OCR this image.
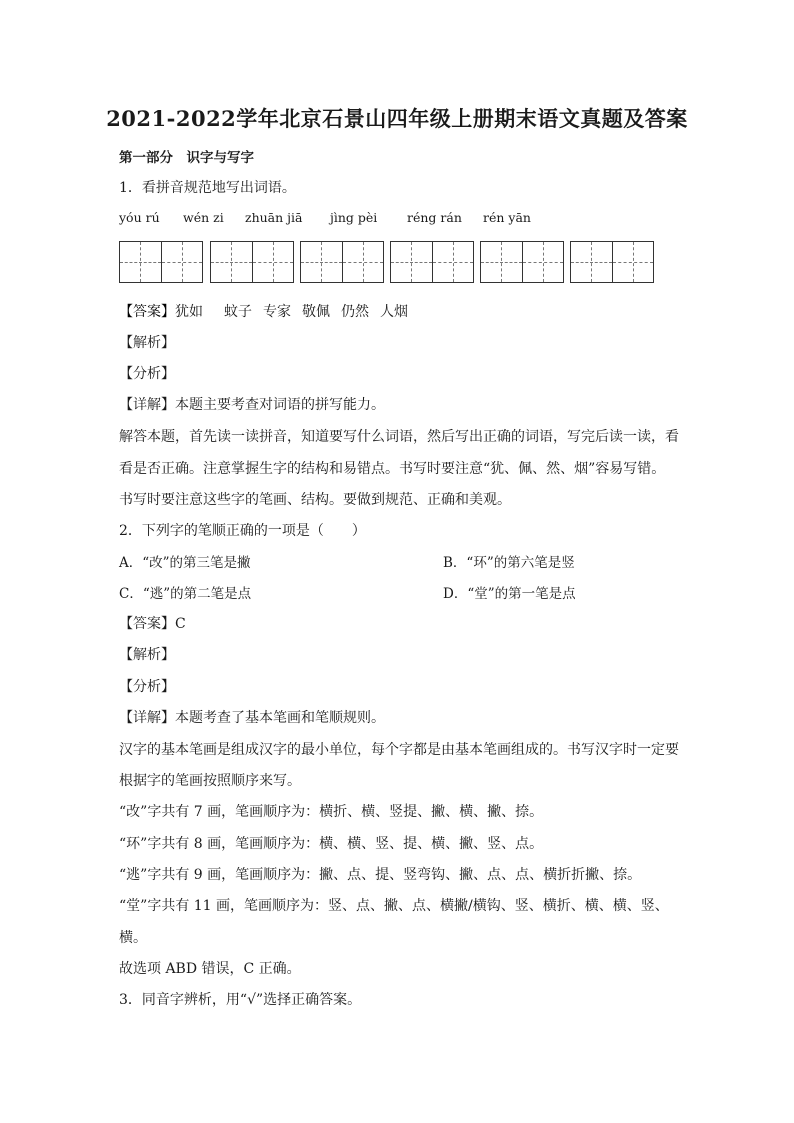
2021-2022学年北京石景山四年级上册期末语文真题及答案
第一部分　识字与写字
1．看拼音规范地写出词语。
yóu rú wén zi zhuān jiā jìng pèi réng rán rén yān
【答案】犹如 蚊子 专家 敬佩 仍然 人烟
【解析】
【分析】
【详解】本题主要考查对词语的拼写能力。
解答本题，首先读一读拼音，知道要写什么词语，然后写出正确的词语，写完后读一读，看
看是否正确。注意掌握生字的结构和易错点。书写时要注意“犹、佩、然、烟”容易写错。
书写时要注意这些字的笔画、结构。要做到规范、正确和美观。
2．下列字的笔顺正确的一项是（　　）
A．“改”的第三笔是撇	B．“环”的第六笔是竖
C．“逃”的第二笔是点	D．“堂”的第一笔是点
【答案】C
【解析】
【分析】
【详解】本题考查了基本笔画和笔顺规则。
汉字的基本笔画是组成汉字的最小单位，每个字都是由基本笔画组成的。书写汉字时一定要
根据字的笔画按照顺序来写。
“改”字共有 7 画，笔画顺序为：横折、横、竖提、撇、横、撇、捺。
“环”字共有 8 画，笔画顺序为：横、横、竖、提、横、撇、竖、点。
“逃”字共有 9 画，笔画顺序为：撇、点、提、竖弯钩、撇、点、点、横折折撇、捺。
“堂”字共有 11 画，笔画顺序为：竖、点、撇、点、横撇/横钩、竖、横折、横、横、竖、
横。
故选项 ABD 错误，C 正确。
3．同音字辨析，用“√”选择正确答案。
